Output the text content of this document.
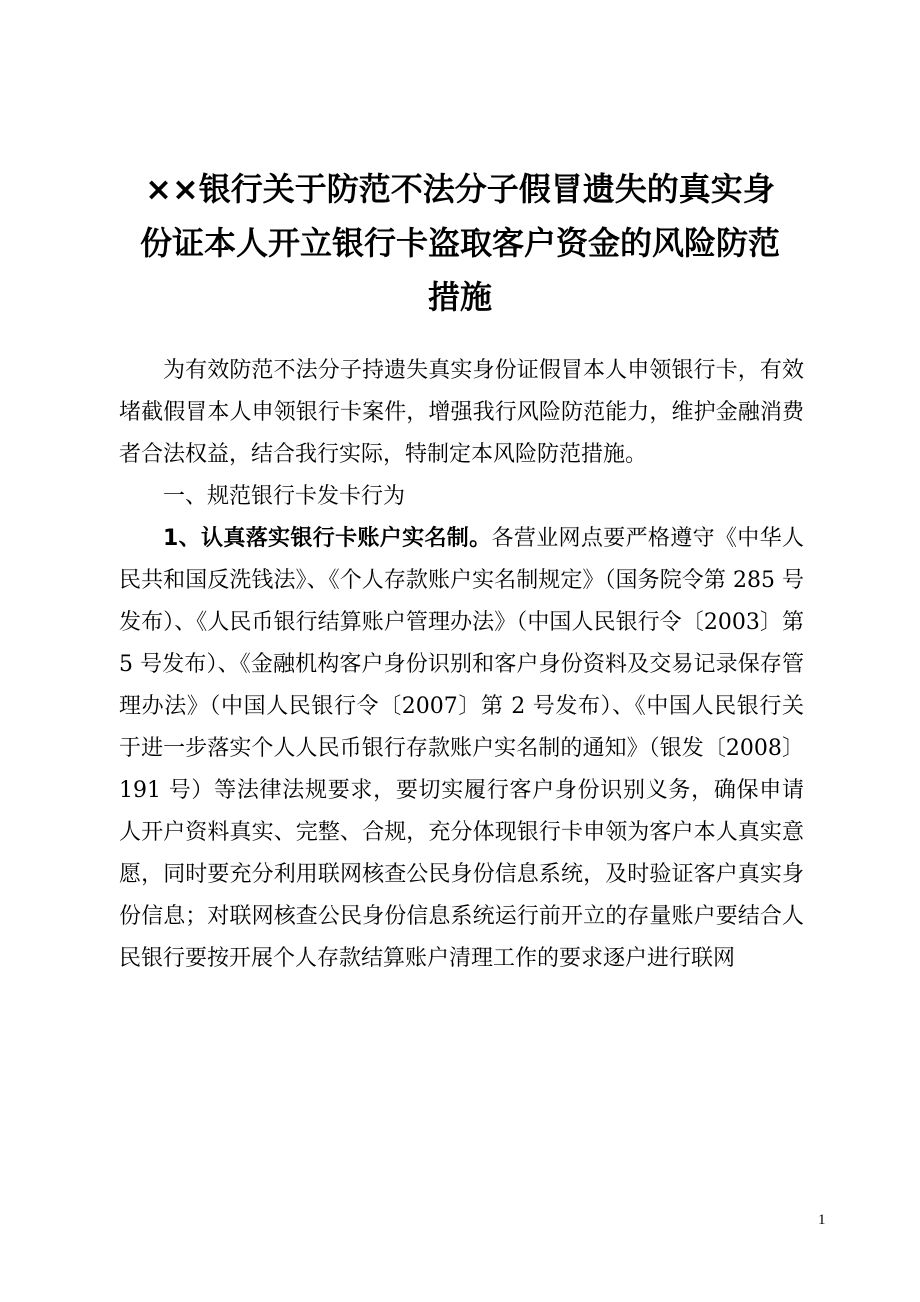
××银行关于防范不法分子假冒遗失的真实身
份证本人开立银行卡盗取客户资金的风险防范
措施

为有效防范不法分子持遗失真实身份证假冒本人申领银行卡，有效堵截假冒本人申领银行卡案件，增强我行风险防范能力，维护金融消费者合法权益，结合我行实际，特制定本风险防范措施。

一、规范银行卡发卡行为

1、认真落实银行卡账户实名制。各营业网点要严格遵守《中华人民共和国反洗钱法》、《个人存款账户实名制规定》（国务院令第 285 号发布）、《人民币银行结算账户管理办法》（中国人民银行令〔2003〕第 5 号发布）、《金融机构客户身份识别和客户身份资料及交易记录保存管理办法》（中国人民银行令〔2007〕第 2 号发布）、《中国人民银行关于进一步落实个人人民币银行存款账户实名制的通知》（银发〔2008〕191 号）等法律法规要求，要切实履行客户身份识别义务，确保申请人开户资料真实、完整、合规，充分体现银行卡申领为客户本人真实意愿，同时要充分利用联网核查公民身份信息系统，及时验证客户真实身份信息；对联网核查公民身份信息系统运行前开立的存量账户要结合人民银行要按开展个人存款结算账户清理工作的要求逐户进行联网

1
